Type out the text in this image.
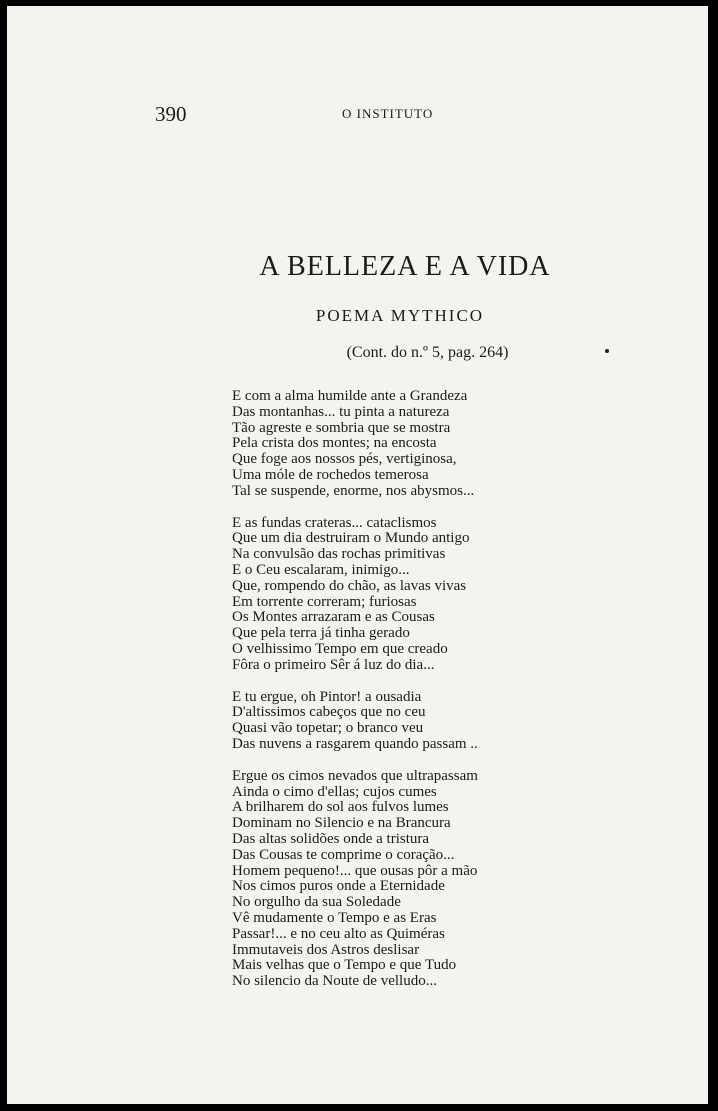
390	O INSTITUTO
A BELLEZA E A VIDA
POEMA MYTHICO
(Cont. do n.º 5, pag. 264)
E com a alma humilde ante a Grandeza
Das montanhas... tu pinta a natureza
Tão agreste e sombria que se mostra
Pela crista dos montes; na encosta
Que foge aos nossos pés, vertiginosa,
Uma móle de rochedos temerosa
Tal se suspende, enorme, nos abysmos...
E as fundas crateras... cataclismos
Que um dia destruiram o Mundo antigo
Na convulsão das rochas primitivas
E o Ceu escalaram, inimigo...
Que, rompendo do chão, as lavas vivas
Em torrente correram; furiosas
Os Montes arrazaram e as Cousas
Que pela terra já tinha gerado
O velhissimo Tempo em que creado
Fôra o primeiro Sêr á luz do dia...
E tu ergue, oh Pintor! a ousadia
D'altissimos cabeços que no ceu
Quasi vão topetar; o branco veu
Das nuvens a rasgarem quando passam ..
Ergue os cimos nevados que ultrapassam
Ainda o cimo d'ellas; cujos cumes
A brilharem do sol aos fulvos lumes
Dominam no Silencio e na Brancura
Das altas solidões onde a tristura
Das Cousas te comprime o coração...
Homem pequeno!... que ousas pôr a mão
Nos cimos puros onde a Eternidade
No orgulho da sua Soledade
Vê mudamente o Tempo e as Eras
Passar!... e no ceu alto as Quiméras
Immutaveis dos Astros deslisar
Mais velhas que o Tempo e que Tudo
No silencio da Noute de velludo...
